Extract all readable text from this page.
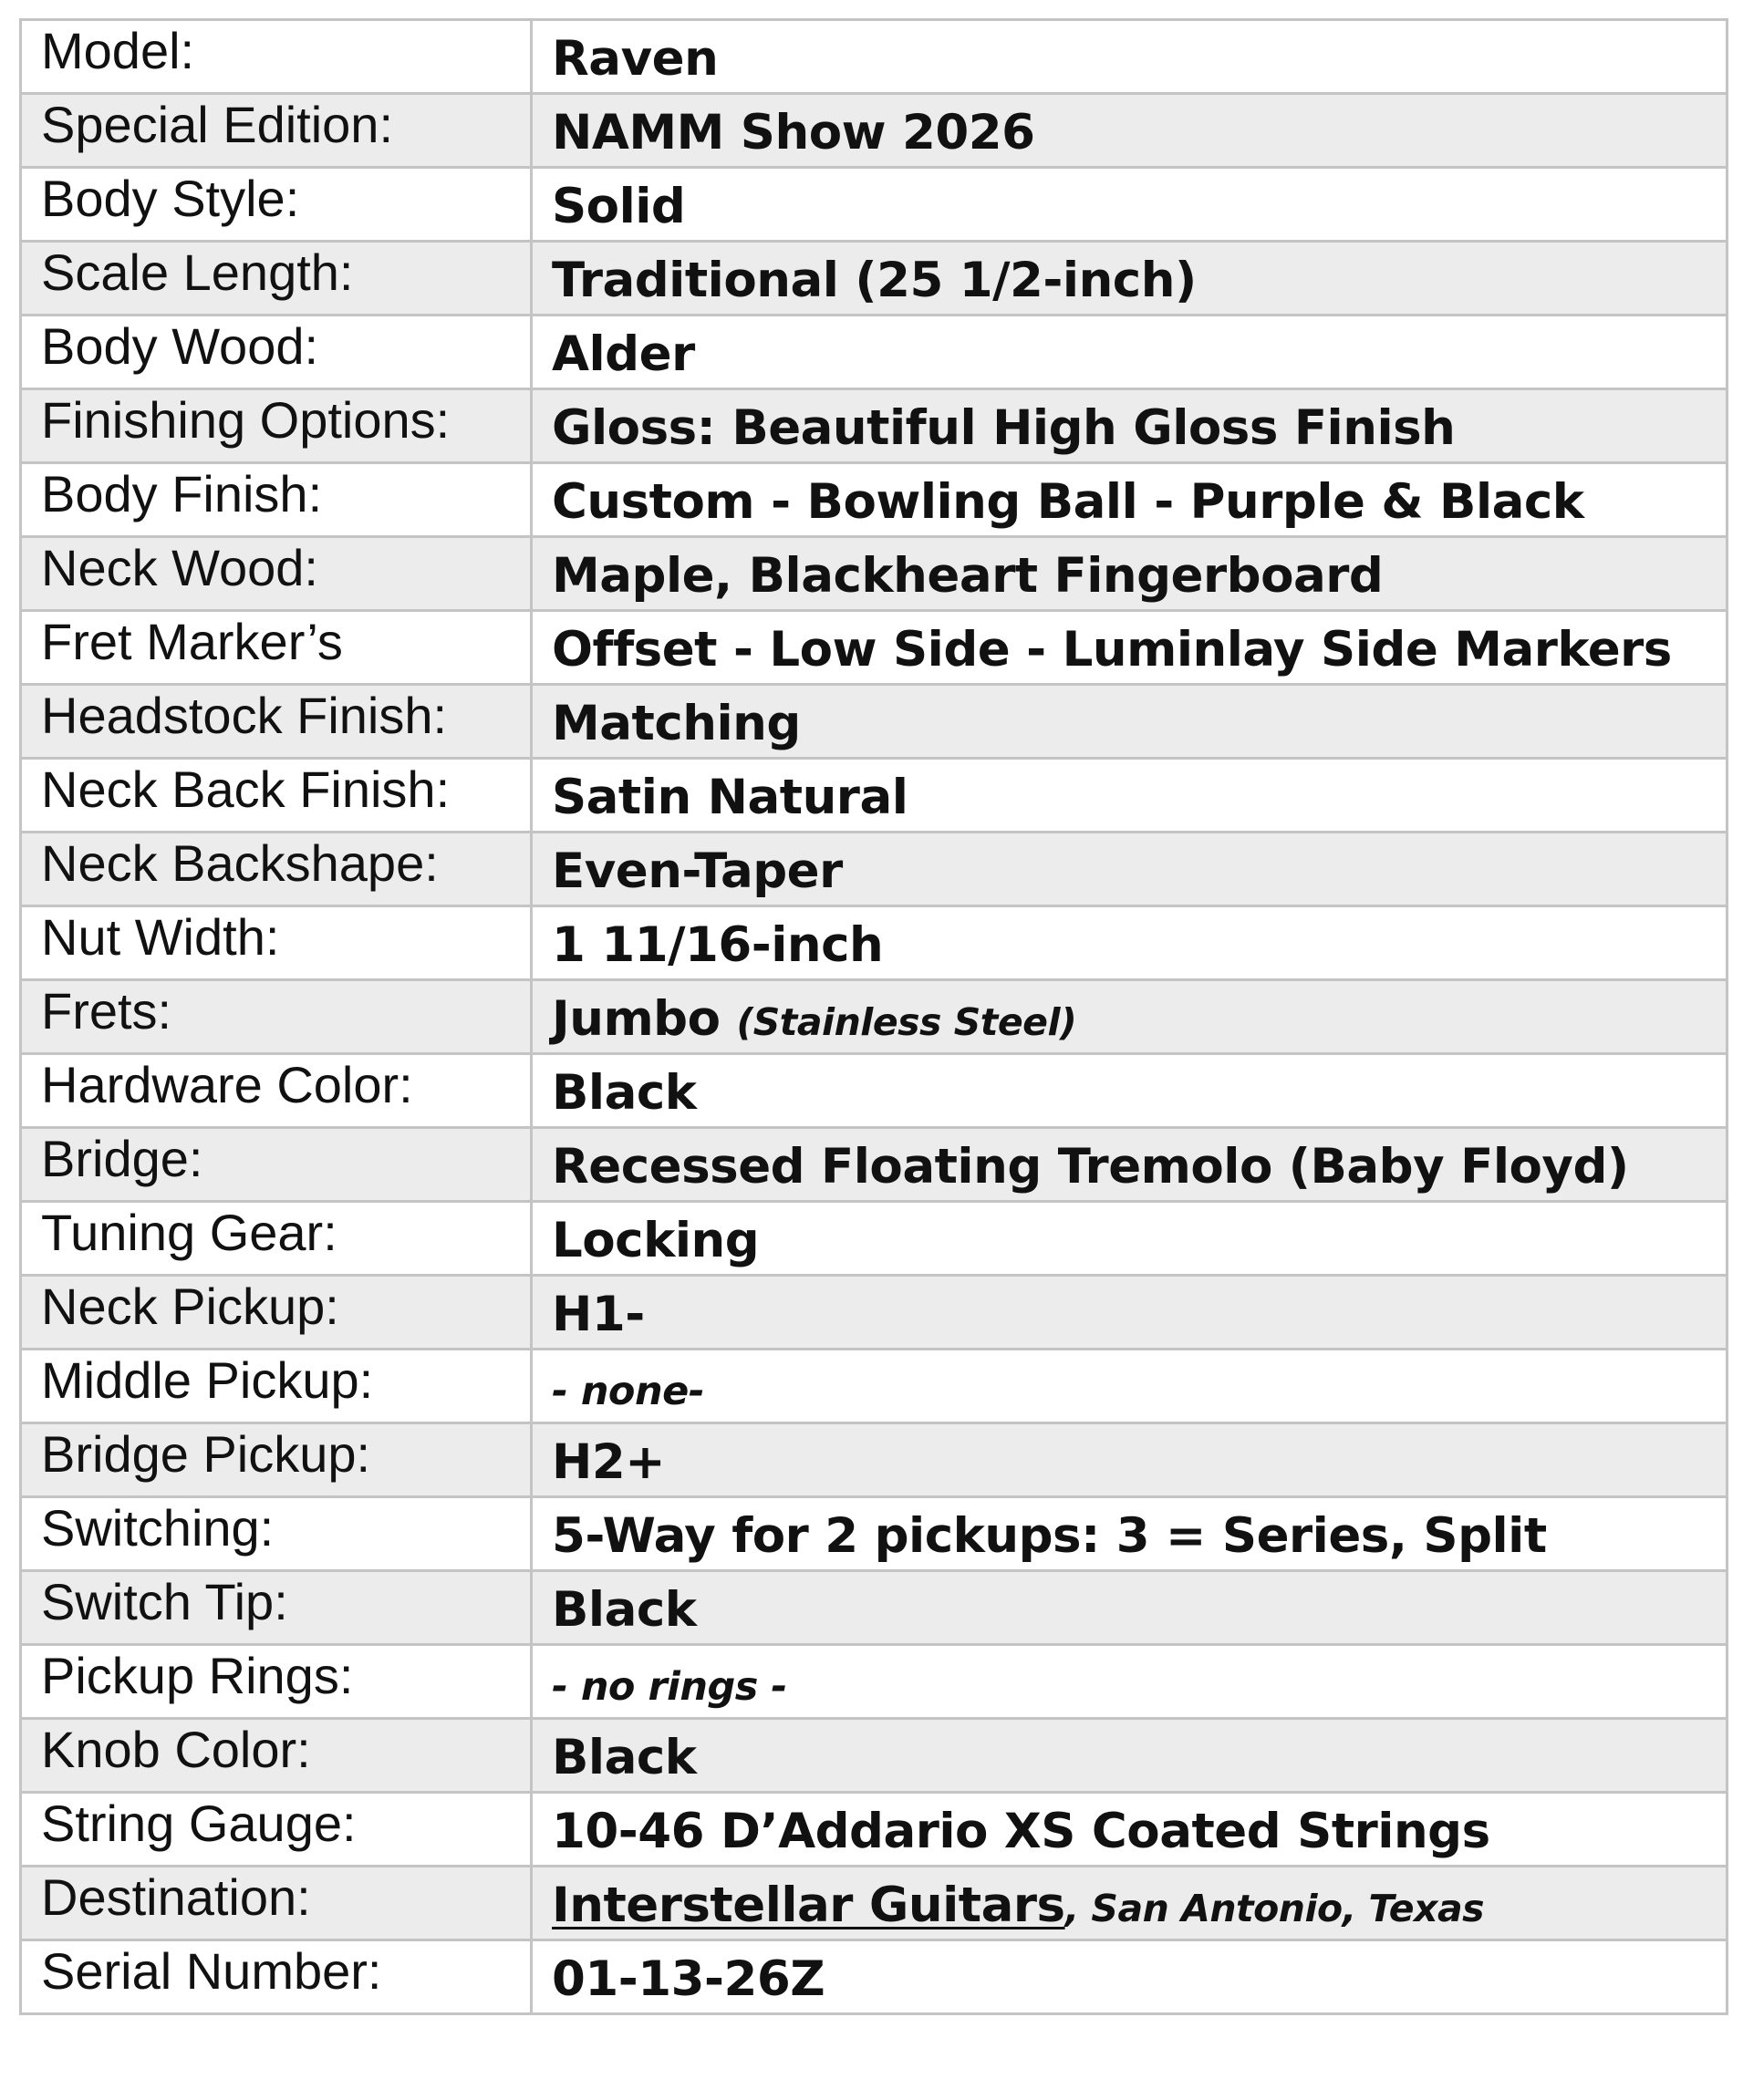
Model:	Raven
Special Edition:	NAMM Show 2026
Body Style:	Solid
Scale Length:	Traditional (25 1/2-inch)
Body Wood:	Alder
Finishing Options:	Gloss: Beautiful High Gloss Finish
Body Finish:	Custom - Bowling Ball - Purple & Black
Neck Wood:	Maple, Blackheart Fingerboard
Fret Marker’s	Offset - Low Side - Luminlay Side Markers
Headstock Finish:	Matching
Neck Back Finish:	Satin Natural
Neck Backshape:	Even-Taper
Nut Width:	1 11/16-inch
Frets:	Jumbo (Stainless Steel)
Hardware Color:	Black
Bridge:	Recessed Floating Tremolo (Baby Floyd)
Tuning Gear:	Locking
Neck Pickup:	H1-
Middle Pickup:	- none-
Bridge Pickup:	H2+
Switching:	5-Way for 2 pickups: 3 = Series, Split
Switch Tip:	Black
Pickup Rings:	- no rings -
Knob Color:	Black
String Gauge:	10-46 D’Addario XS Coated Strings
Destination:	Interstellar Guitars, San Antonio, Texas
Serial Number:	01-13-26Z
